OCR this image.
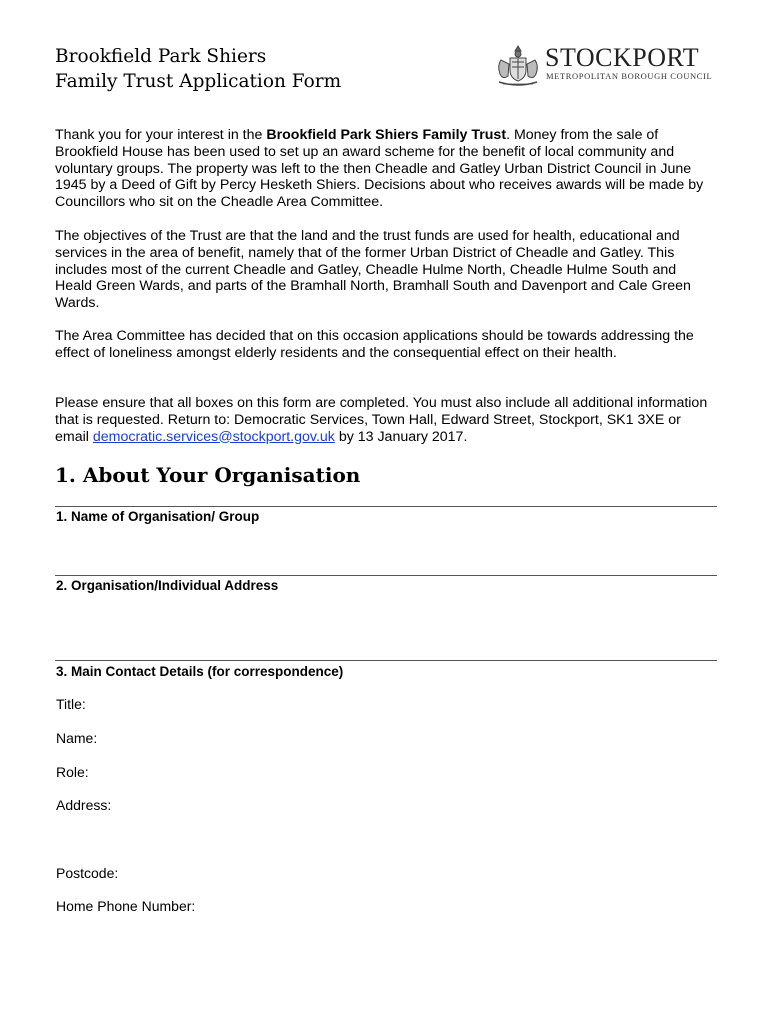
Brookfield Park Shiers
Family Trust Application Form
STOCKPORT
METROPOLITAN BOROUGH COUNCIL

Thank you for your interest in the Brookfield Park Shiers Family Trust. Money from the sale of Brookfield House has been used to set up an award scheme for the benefit of local community and voluntary groups. The property was left to the then Cheadle and Gatley Urban District Council in June 1945 by a Deed of Gift by Percy Hesketh Shiers. Decisions about who receives awards will be made by Councillors who sit on the Cheadle Area Committee.

The objectives of the Trust are that the land and the trust funds are used for health, educational and services in the area of benefit, namely that of the former Urban District of Cheadle and Gatley. This includes most of the current Cheadle and Gatley, Cheadle Hulme North, Cheadle Hulme South and Heald Green Wards, and parts of the Bramhall North, Bramhall South and Davenport and Cale Green Wards.

The Area Committee has decided that on this occasion applications should be towards addressing the effect of loneliness amongst elderly residents and the consequential effect on their health.

Please ensure that all boxes on this form are completed. You must also include all additional information that is requested. Return to: Democratic Services, Town Hall, Edward Street, Stockport, SK1 3XE or email democratic.services@stockport.gov.uk by 13 January 2017.

1. About Your Organisation
1. Name of Organisation/ Group
2. Organisation/Individual Address
3. Main Contact Details (for correspondence)
Title:
Name:
Role:
Address:
Postcode:
Home Phone Number:
